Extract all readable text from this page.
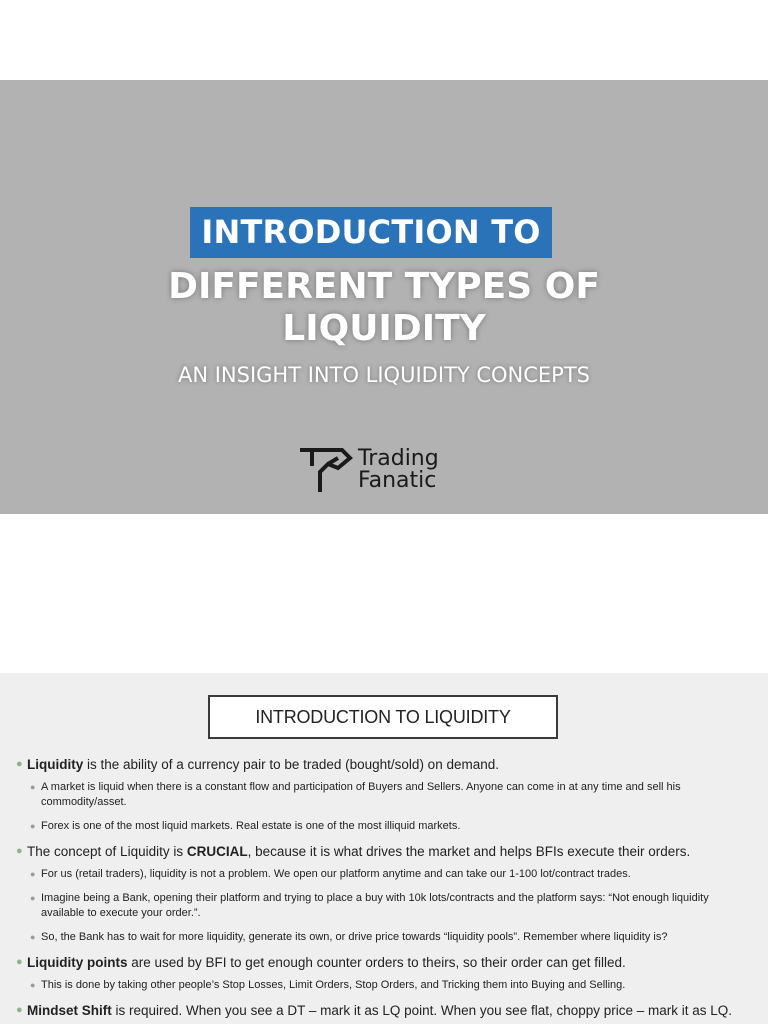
INTRODUCTION TO
DIFFERENT TYPES OF
LIQUIDITY
AN INSIGHT INTO LIQUIDITY CONCEPTS
Trading
Fanatic
INTRODUCTION TO LIQUIDITY
● Liquidity is the ability of a currency pair to be traded (bought/sold) on demand.
● A market is liquid when there is a constant flow and participation of Buyers and Sellers. Anyone can come in at any time and sell his commodity/asset.
● Forex is one of the most liquid markets. Real estate is one of the most illiquid markets.
● The concept of Liquidity is CRUCIAL, because it is what drives the market and helps BFIs execute their orders.
● For us (retail traders), liquidity is not a problem. We open our platform anytime and can take our 1-100 lot/contract trades.
● Imagine being a Bank, opening their platform and trying to place a buy with 10k lots/contracts and the platform says: “Not enough liquidity available to execute your order.”.
● So, the Bank has to wait for more liquidity, generate its own, or drive price towards “liquidity pools”. Remember where liquidity is?
● Liquidity points are used by BFI to get enough counter orders to theirs, so their order can get filled.
● This is done by taking other people’s Stop Losses, Limit Orders, Stop Orders, and Tricking them into Buying and Selling.
● Mindset Shift is required. When you see a DT – mark it as LQ point. When you see flat, choppy price – mark it as LQ.
